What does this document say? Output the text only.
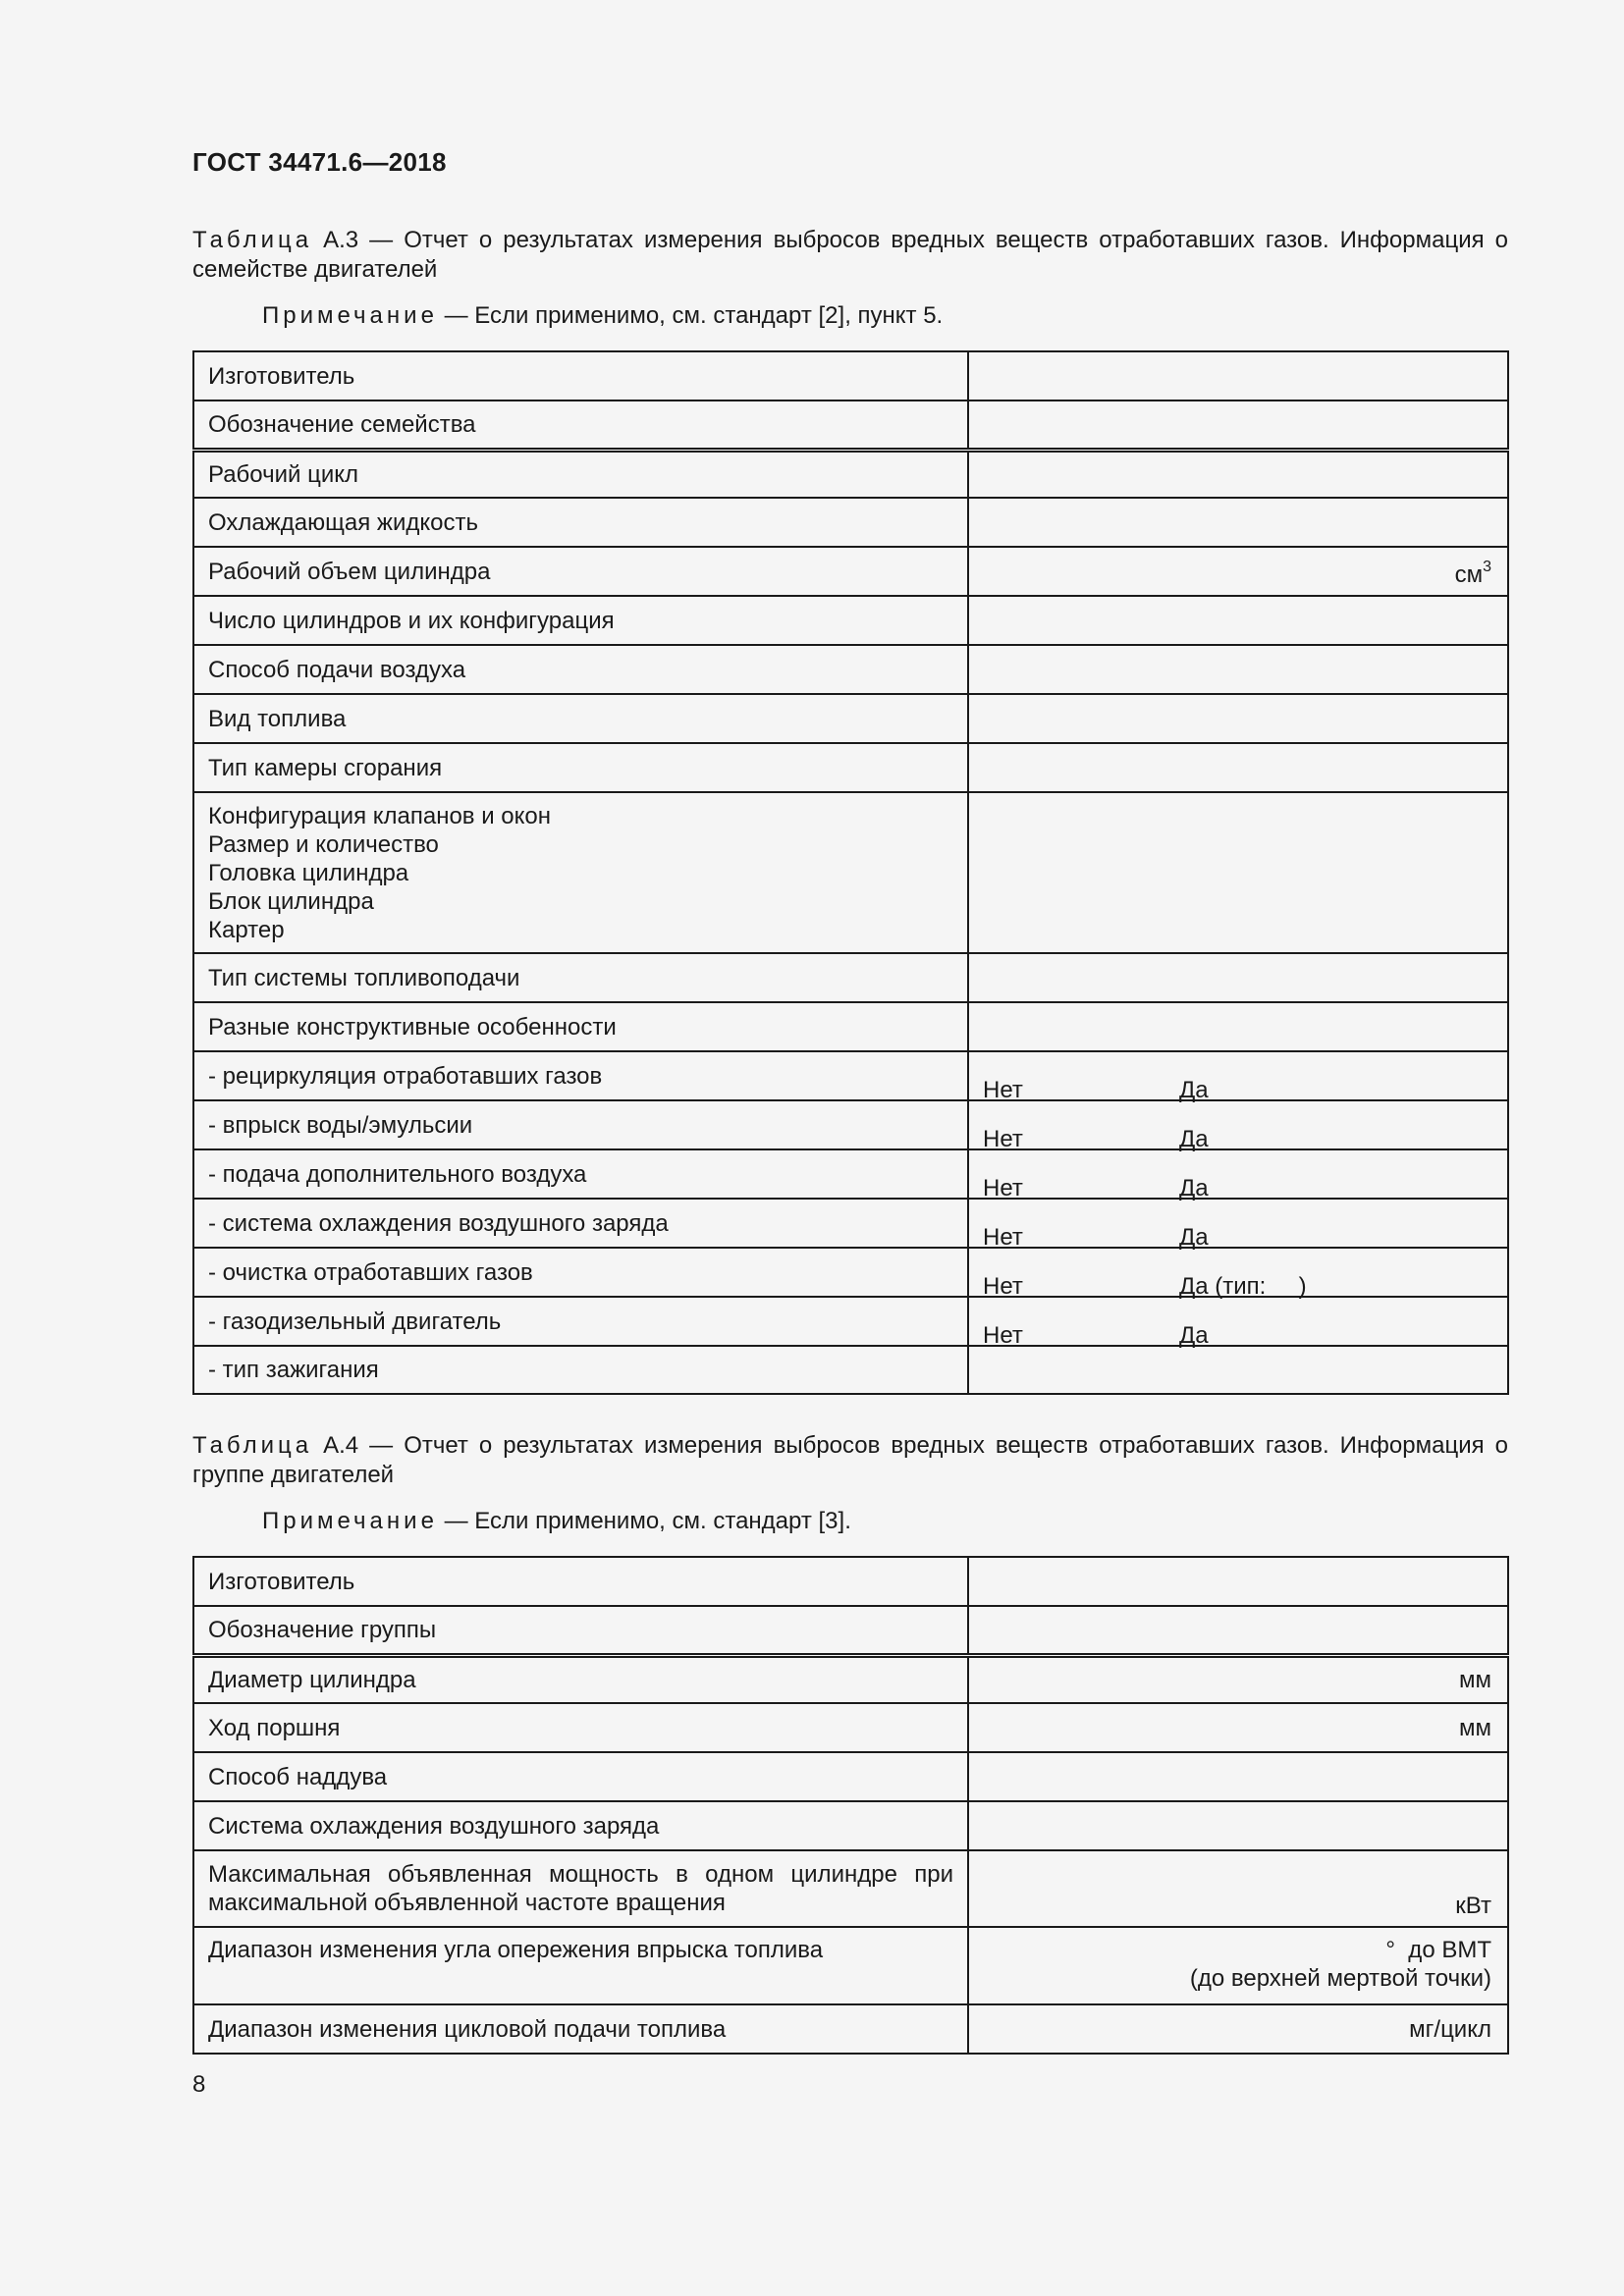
ГОСТ 34471.6—2018
Таблица А.3 — Отчет о результатах измерения выбросов вредных веществ отработавших газов. Информация о семействе двигателей
Примечание — Если применимо, см. стандарт [2], пункт 5.
Изготовитель	
Обозначение семейства	
Рабочий цикл	
Охлаждающая жидкость	
Рабочий объем цилиндра	$см^3$
Число цилиндров и их конфигурация	
Способ подачи воздуха	
Вид топлива	
Тип камеры сгорания	

Конфигурация клапанов и окон
Размер и количество
Головка цилиндра
Блок цилиндра
Картер	

Тип системы топливоподачи	
Разные конструктивные особенности	
- рециркуляция отработавших газов	Нет Да

- впрыск воды/эмульсии	Нет Да

- подача дополнительного воздуха	Нет Да

- система охлаждения воздушного заряда	Нет Да

- очистка отработавших газов	Нет Да (тип:     )

- газодизельный двигатель	Нет Да

- тип зажигания	
Таблица А.4 — Отчет о результатах измерения выбросов вредных веществ отработавших газов. Информация о группе двигателей
Примечание — Если применимо, см. стандарт [3].
Изготовитель	
Обозначение группы	
Диаметр цилиндра	мм
Ход поршня	мм
Способ наддува	
Система охлаждения воздушного заряда	
Максимальная объявленная мощность в одном цилиндре при максимальной объявленной частоте вращения	кВт
Диапазон изменения угла опережения впрыска топлива	°  до ВМТ
(до верхней мертвой точки)

Диапазон изменения цикловой подачи топлива	мг/цикл
8
